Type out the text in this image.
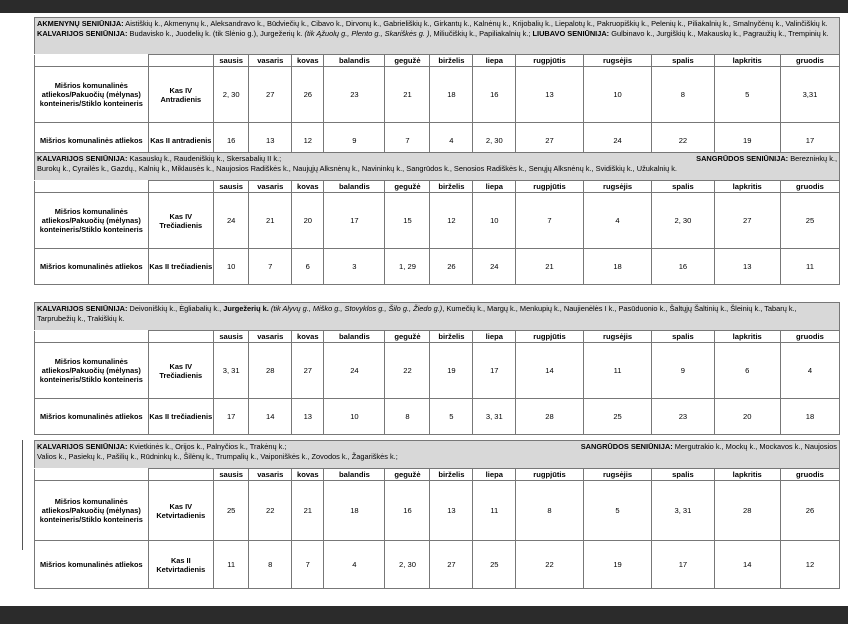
AKMENYNŲ SENIŪNIJA: Aistiškių k., Akmenynų k., Aleksandravo k., Būdviečių k., Cibavo k., Dirvonų k., Gabrieliškių k., Girkantų k., Kalnėnų k., Krijobalių k., Liepalotų k., Pakruopiškių k., Pelenių k., Piliakalnių k., Smalnyčėnų k., Valinčiškių k. KALVARIJOS SENIŪNIJA: Budavisko k., Juodelių k. (tik Slėnio g.), Jurgežerių k. (tik Ąžuolų g., Plento g., Skariškės g. ), Miliučiškių k., Papiliakalnių k.; LIUBAVO SENIŪNIJA: Gulbinavo k., Jurgiškių k., Makauskų k., Pagraužių k., Trempinių k.
		sausis	vasaris	kovas	balandis	gegužė	birželis	liepa	rugpjūtis	rugsėjis	spalis	lapkritis	gruodis
Mišrios komunalinės atliekos/Pakuočių (mėlynas) konteineris/Stiklo konteineris	Kas IV Antradienis	2, 30	27	26	23	21	18	16	13	10	8	5	3,31
Mišrios komunalinės atliekos	Kas II antradienis	16	13	12	9	7	4	2, 30	27	24	22	19	17
KALVARIJOS SENIŪNIJA: Kasauskų k., Raudeniškių k., Skersabalių II k.;	SANGRŪDOS SENIŪNIJA: Bereznінkų k.,
Burokų k., Cyrailės k., Gazdų., Kalnių k., Miklausės k., Naujosios Radiškės k., Naujųjų Alksnėnų k., Navininkų k., Sangrūdos k., Senosios Radiškės k., Senųjų Alksnėnų k., Svidiškių k., Užukalnių k.
		sausis	vasaris	kovas	balandis	gegužė	birželis	liepa	rugpjūtis	rugsėjis	spalis	lapkritis	gruodis
Mišrios komunalinės atliekos/Pakuočių (mėlynas) konteineris/Stiklo konteineris	Kas IV Trečiadienis	24	21	20	17	15	12	10	7	4	2, 30	27	25
Mišrios komunalinės atliekos	Kas II trečiadienis	10	7	6	3	1, 29	26	24	21	18	16	13	11
KALVARIJOS SENIŪNIJA: Deivoniškių k., Ėgliabalių k., Jurgežerių k. (tik Alyvų g., Miško g., Stovyklos g., Šilo g., Žiedo g.), Kumečių k., Margų k., Menkupių k., Naujienėlės I k., Pasūduonio k., Šaltųjų Šaltinių k., Šleinių k., Tabarų k., Tarprubežių k., Trakiškių k.
		sausis	vasaris	kovas	balandis	gegužė	birželis	liepa	rugpjūtis	rugsėjis	spalis	lapkritis	gruodis
Mišrios komunalinės atliekos/Pakuočių (mėlynas) konteineris/Stiklo konteineris	Kas IV Trečiadienis	3, 31	28	27	24	22	19	17	14	11	9	6	4
Mišrios komunalinės atliekos	Kas II trečiadienis	17	14	13	10	8	5	3, 31	28	25	23	20	18
KALVARIJOS SENIŪNIJA: Kvietkinės k., Orijos k., Palnyčios k., Trakėnų k.;	SANGRŪDOS SENIŪNIJA: Mergutrakio k., Mockų k., Mockavos k., Naujosios
Valios k., Pasiekų k., Pašilių k., Rūdninkų k., Šilėnų k., Trumpalių k., Vaiponiškės k., Zovodos k., Žagariškės k.;
		sausis	vasaris	kovas	balandis	gegužė	birželis	liepa	rugpjūtis	rugsėjis	spalis	lapkritis	gruodis
Mišrios komunalinės atliekos/Pakuočių (mėlynas) konteineris/Stiklo konteineris	Kas IV Ketvirtadienis	25	22	21	18	16	13	11	8	5	3, 31	28	26
Mišrios komunalinės atliekos	Kas II Ketvirtadienis	11	8	7	4	2, 30	27	25	22	19	17	14	12
